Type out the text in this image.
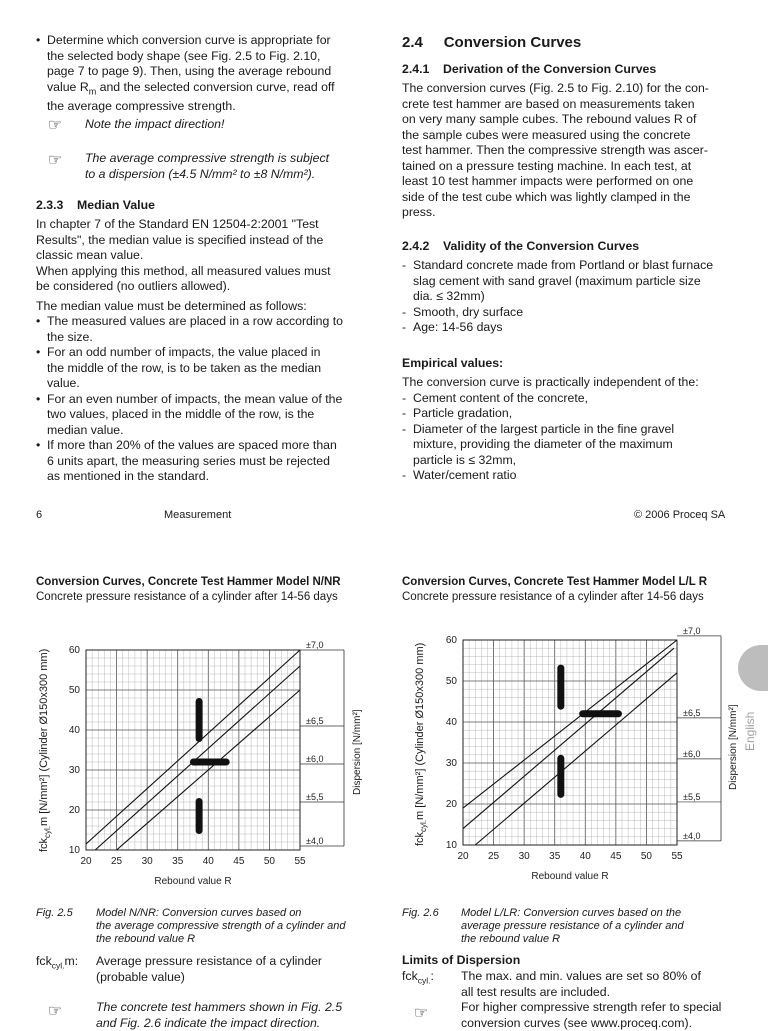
• Determine which conversion curve is appropriate for
the selected body shape (see Fig. 2.5 to Fig. 2.10,
page 7 to page 9). Then, using the average rebound
value $R_m$ and the selected conversion curve, read off
the average compressive strength.
☞	Note the impact direction!
☞	The average compressive strength is subject
to a dispersion (±4.5 N/mm² to ±8 N/mm²).
2.3.3 Median Value

In chapter 7 of the Standard EN 12504-2:2001 "Test
Results", the median value is specified instead of the
classic mean value.

When applying this method, all measured values must
be considered (no outliers allowed).

The median value must be determined as follows:

• The measured values are placed in a row according to
the size.
• For an odd number of impacts, the value placed in
the middle of the row, is to be taken as the median
value.
• For an even number of impacts, the mean value of the
two values, placed in the middle of the row, is the
median value.
• If more than 20% of the values are spaced more than
6 units apart, the measuring series must be rejected
as mentioned in the standard.
2.4 Conversion Curves
2.4.1 Derivation of the Conversion Curves
The conversion curves (Fig. 2.5 to Fig. 2.10) for the con-
crete test hammer are based on measurements taken
on very many sample cubes. The rebound values R of
the sample cubes were measured using the concrete
test hammer. Then the compressive strength was ascer-
tained on a pressure testing machine. In each test, at
least 10 test hammer impacts were performed on one
side of the test cube which was lightly clamped in the
press.
2.4.2 Validity of the Conversion Curves
- Standard concrete made from Portland or blast furnace
slag cement with sand gravel (maximum particle size
dia. ≤ 32mm)
- Smooth, dry surface
- Age: 14-56 days
Empirical values:

The conversion curve is practically independent of the:

- Cement content of the concrete,
- Particle gradation,
- Diameter of the largest particle in the fine gravel
mixture, providing the diameter of the maximum
particle is ≤ 32mm,
- Water/cement ratio
6	Measurement	© 2006 Proceq SA
Conversion Curves, Concrete Test Hammer Model N/NR
Concrete pressure resistance of a cylinder after 14-56 days
Conversion Curves, Concrete Test Hammer Model L/L R
Concrete pressure resistance of a cylinder after 14-56 days
±7,0
±6,5
±6,0
±5,5
±4,0
20 25 30 35 40 45 50 55
10
20
30
40
50
60
Rebound value R
±7,0
±6,5
±6,0
±5,5
±4,0
20 25 30 35 40 45 50 55
10
20
30
40
50
60
Rebound value R
fck$_{cyl.}$m [N/mm²] (Cylinder Ø150x300 mm)	Dispersion [N/mm²]
fck$_{cyl.}$m [N/mm²] (Cylinder Ø150x300 mm)	Dispersion [N/mm²] English
Fig. 2.5 Model N/NR: Conversion curves based on
the average compressive strength of a cylinder and
the rebound value R
fck$_{cyl.}$m: Average pressure resistance of a cylinder
(probable value)
☞	The concrete test hammers shown in Fig. 2.5
and Fig. 2.6 indicate the impact direction.
Fig. 2.6 Model L/LR: Conversion curves based on the
average pressure resistance of a cylinder and
the rebound value R
Limits of Dispersion
fck$_{cyl.}$: The max. and min. values are set so 80% of
all test results are included.
☞	For higher compressive strength refer to special
conversion curves (see www.proceq.com).
